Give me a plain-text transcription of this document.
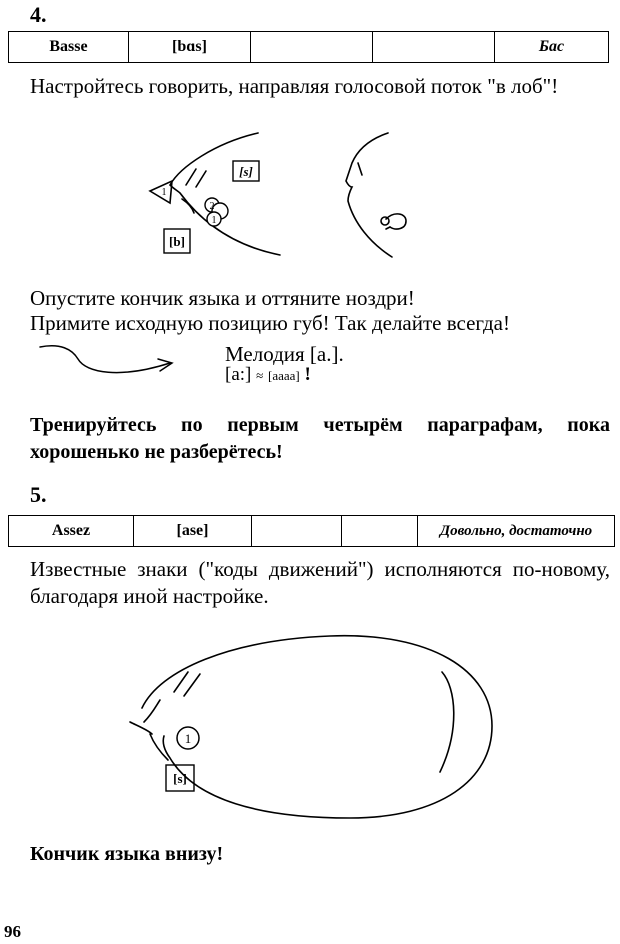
4.
Basse	[bɑs]			Бас
Настройтесь говорить, направляя голосовой поток "в лоб"!
2
1
1
[s]
[b]
Опустите кончик языка и оттяните ноздри!
Примите исходную позицию губ! Так делайте всегда!
Мелодия [a.].
[a:] ≈ [aaaa] !
Тренируйтесь по первым четырём параграфам, пока хорошенько не разберётесь!
5.
Assez	[ase]			Довольно, достаточно
Известные знаки ("коды движений") исполняются по-новому, благодаря иной настройке.
1
[s]
Кончик языка внизу!
96
